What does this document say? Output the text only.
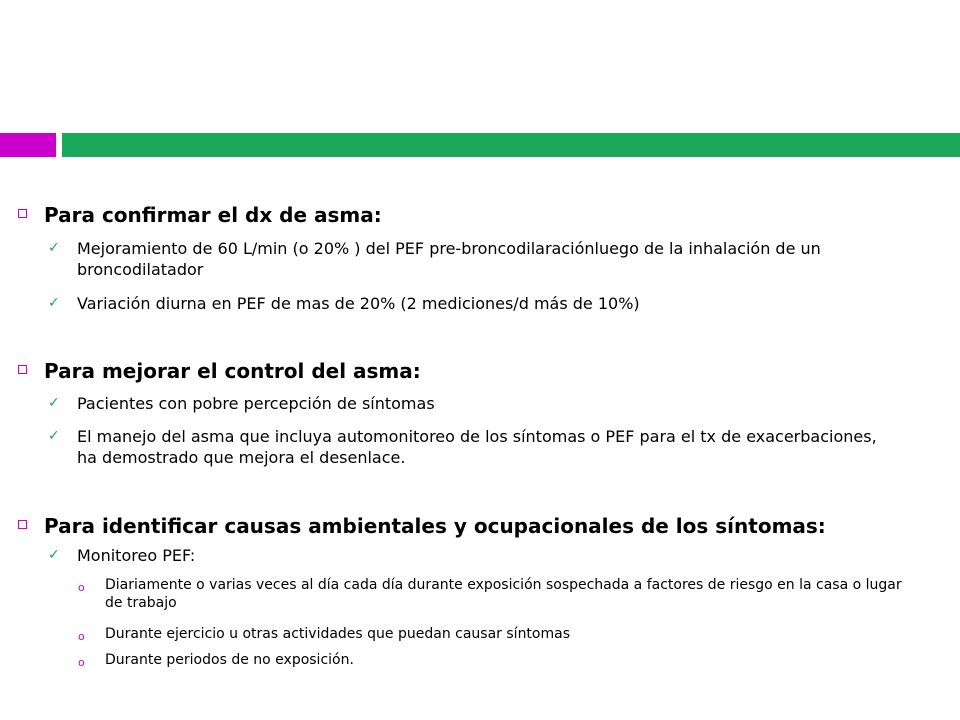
Para confirmar el dx de asma:
✓ Mejoramiento de 60 L/min (o 20% ) del PEF pre-broncodilaraciónluego de la inhalación de un broncodilatador
✓ Variación diurna en PEF de mas de 20% (2 mediciones/d más de 10%)
Para mejorar el control del asma:
✓ Pacientes con pobre percepción de síntomas
✓ El manejo del asma que incluya automonitoreo de los síntomas o PEF para el tx de exacerbaciones, ha demostrado que mejora el desenlace.
Para identificar causas ambientales y ocupacionales de los síntomas:
✓ Monitoreo PEF:
o Diariamente o varias veces al día cada día durante exposición sospechada a factores de riesgo en la casa o lugar de trabajo
o Durante ejercicio u otras actividades que puedan causar síntomas
o Durante periodos de no exposición.
